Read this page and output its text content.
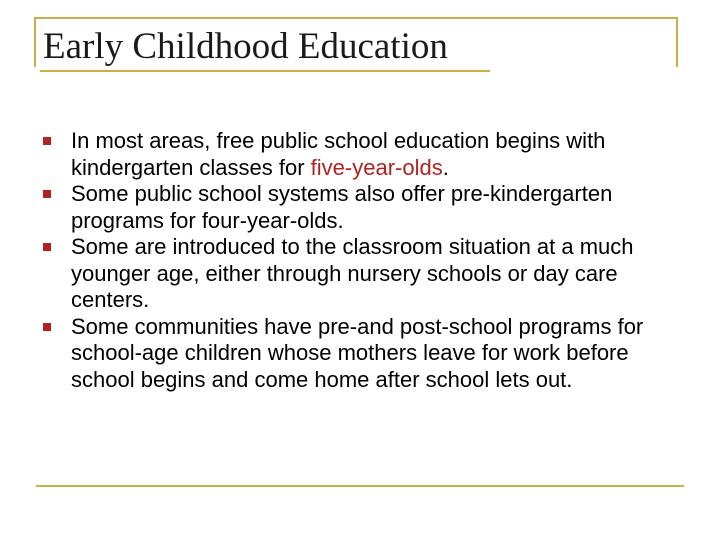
Early Childhood Education
In most areas, free public school education begins with kindergarten classes for five-year-olds.
Some public school systems also offer pre-kindergarten programs for four-year-olds.
Some are introduced to the classroom situation at a much younger age, either through nursery schools or day care centers.
Some communities have pre-and post-school programs for school-age children whose mothers leave for work before school begins and come home after school lets out.
